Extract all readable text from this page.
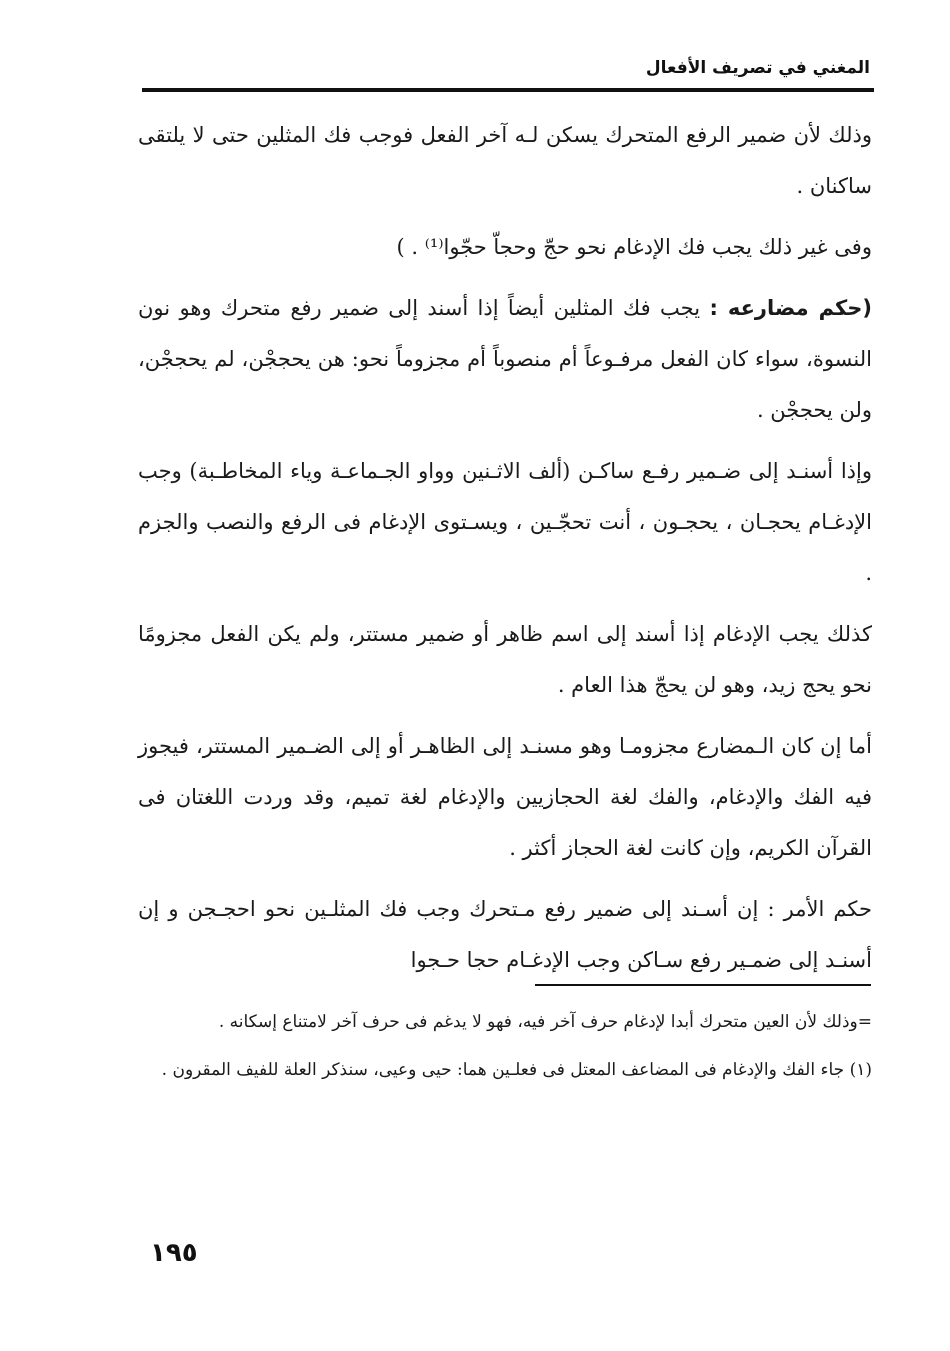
المغني في تصريف الأفعال

وذلك لأن ضمير الرفع المتحرك يسكن لـه آخر الفعل فوجب فك المثلين حتى لا يلتقى ساكنان .

وفى غير ذلك يجب فك الإدغام نحو حجّ وحجاّ حجّوا⁽¹⁾ . )

(حكم مضارعه : يجب فك المثلين أيضاً إذا أسند إلى ضمير رفع متحرك وهو نون النسوة، سواء كان الفعل مرفـوعاً أم منصوباً أم مجزوماً نحو: هن يحججْن، لم يحججْن، ولن يحججْن .

وإذا أسنـد إلى ضـمير رفـع ساكـن (ألف الاثـنين وواو الجـماعـة وياء المخاطـبة) وجب الإدغـام يحجـان ، يحجـون ، أنت تحجّـين ، ويسـتوى الإدغام فى الرفع والنصب والجزم .

كذلك يجب الإدغام إذا أسند إلى اسم ظاهر أو ضمير مستتر، ولم يكن الفعل مجزومًا نحو يحج زيد، وهو لن يحجّ هذا العام .

أما إن كان الـمضارع مجزومـا وهو مسنـد إلى الظاهـر أو إلى الضـمير المستتر، فيجوز فيه الفك والإدغام، والفك لغة الحجازيين والإدغام لغة تميم، وقد وردت اللغتان فى القرآن الكريم، وإن كانت لغة الحجاز أكثر .

حكم الأمر : إن أسـند إلى ضمير رفع مـتحرك وجب فك المثلـين نحو احجـجن و إن أسنـد إلى ضمـير رفع سـاكن وجب الإدغـام حجا حـجوا

=وذلك لأن العين متحرك أبدا لإدغام حرف آخر فيه، فهو لا يدغم فى حرف آخر لامتناع إسكانه .

(١) جاء الفك والإدغام فى المضاعف المعتل فى فعلـين هما: حيى وعيى، سنذكر العلة للفيف المقرون .

١٩٥
